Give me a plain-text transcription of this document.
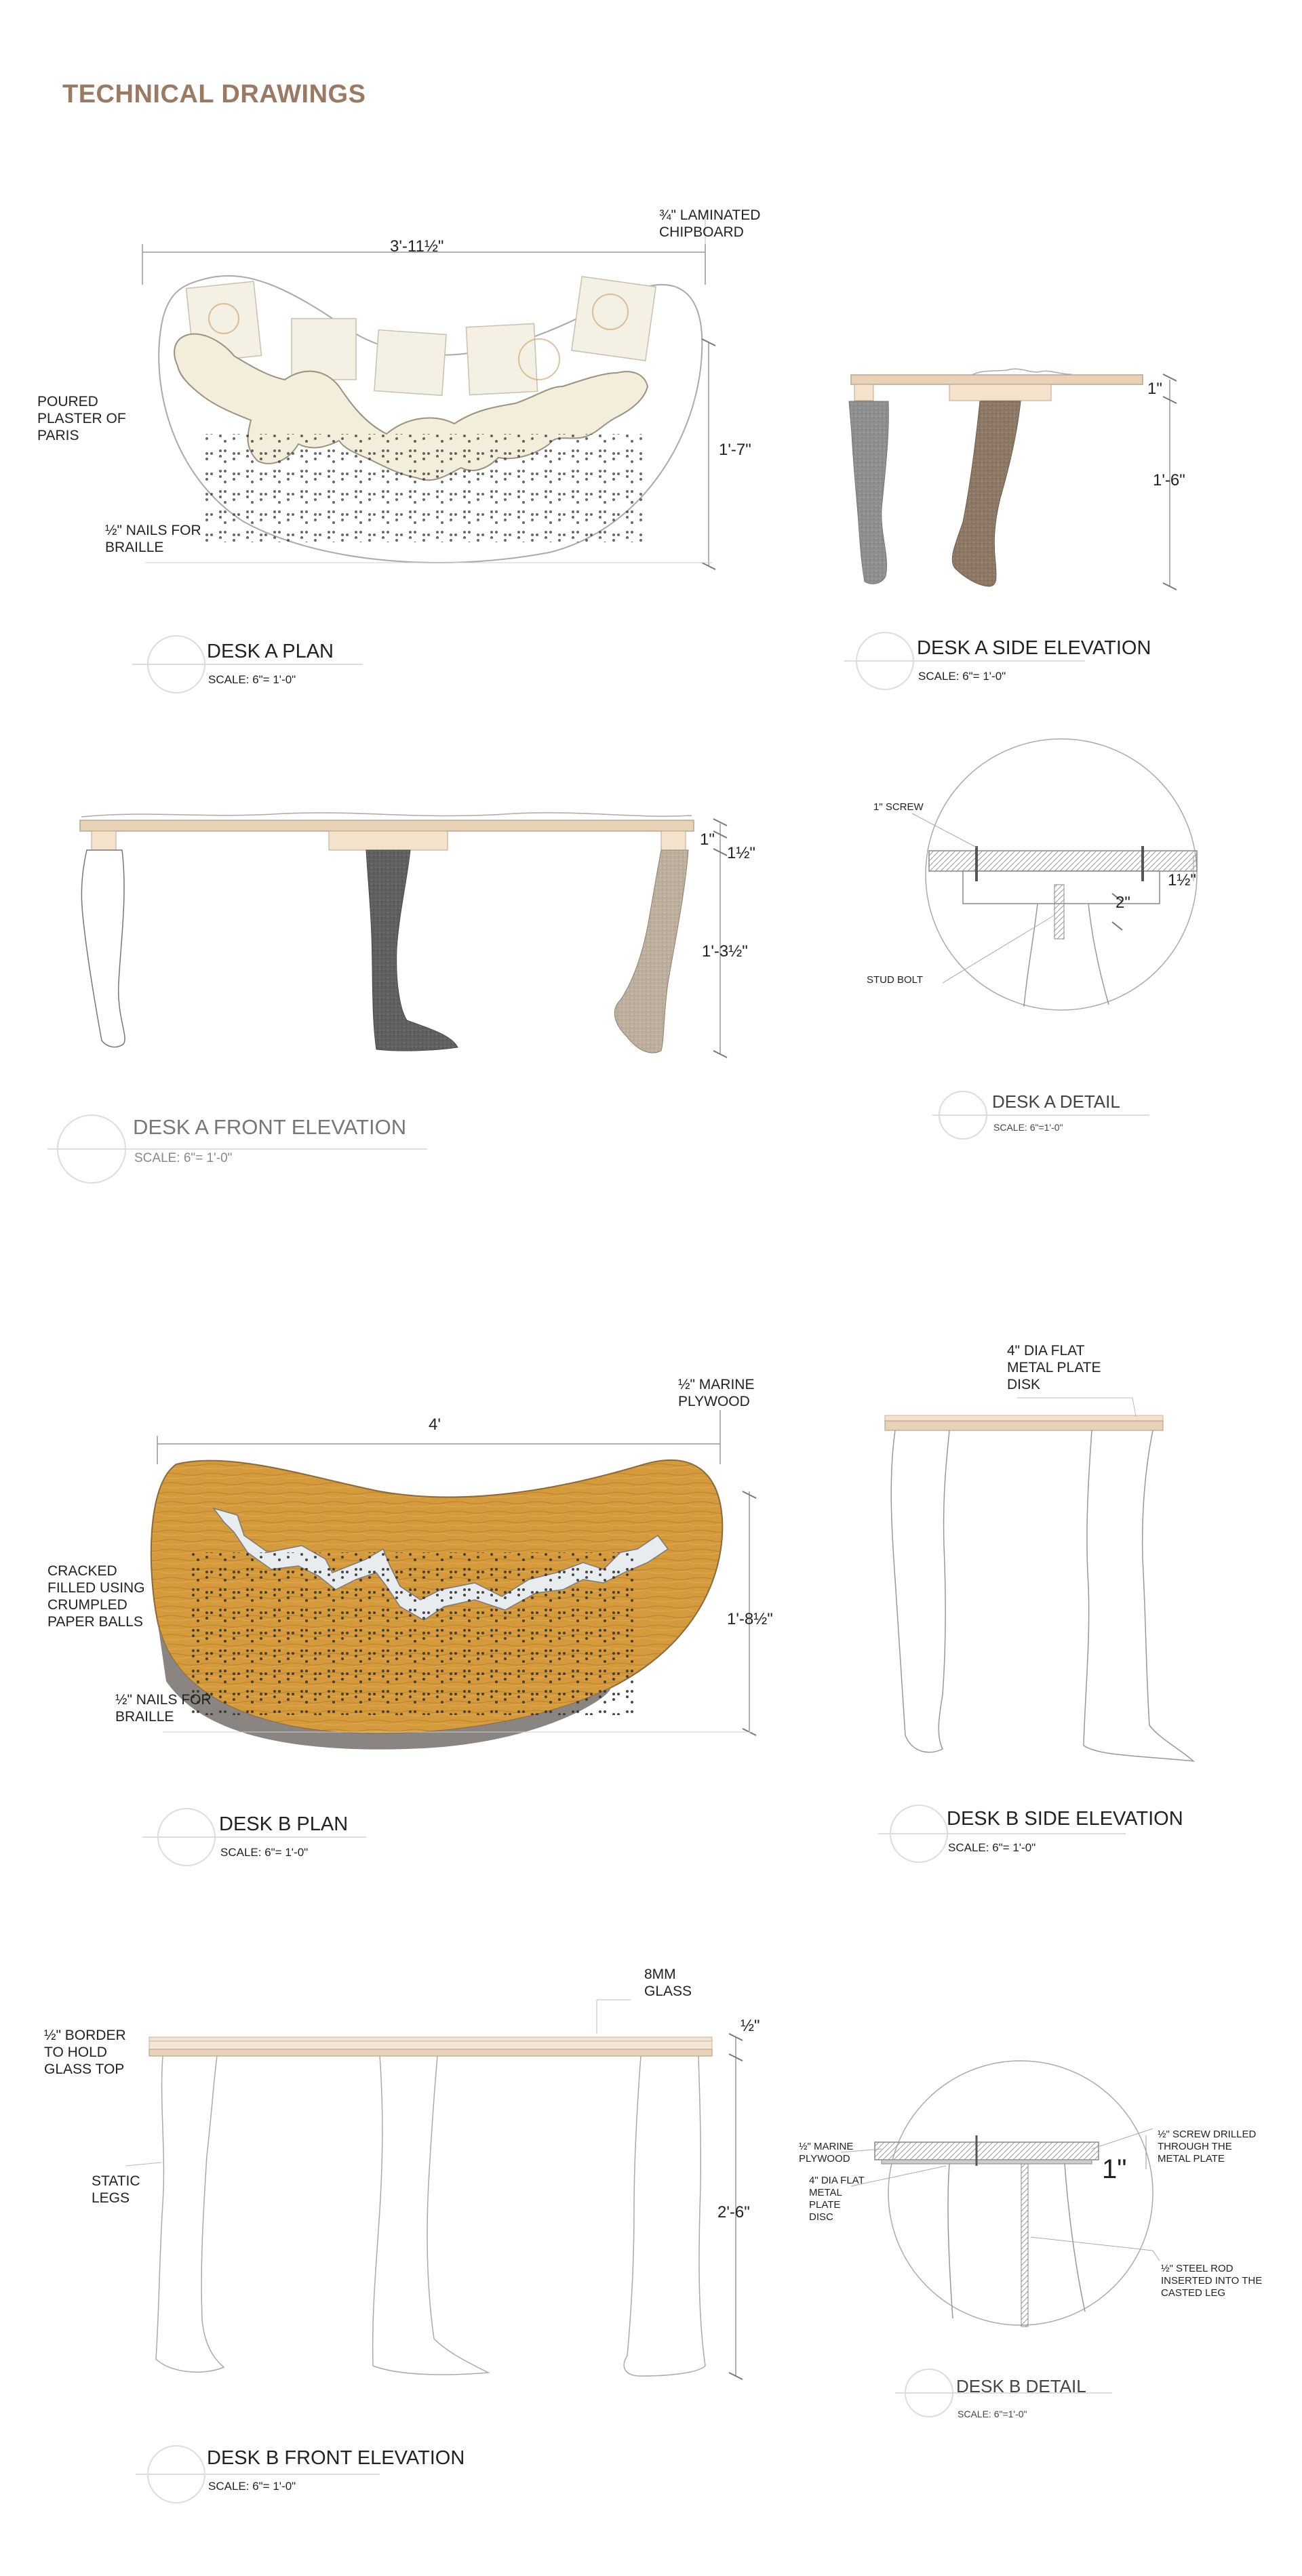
TECHNICAL DRAWINGS
3'-11½"
1'-7"
¾" LAMINATED
CHIPBOARD
POURED
PLASTER OF
PARIS
½" NAILS FOR
BRAILLE
DESK A PLAN
SCALE: 6"= 1'-0"
1"
1'-6"
DESK A SIDE ELEVATION
SCALE: 6"= 1'-0"
1"
1½"
1'-3½"
DESK A FRONT ELEVATION
SCALE: 6"= 1'-0"
1" SCREW
STUD BOLT
2"
1½"
DESK A DETAIL
SCALE: 6"=1'-0"
4'
1'-8½"
½" MARINE
PLYWOOD
CRACKED
FILLED USING
CRUMPLED
PAPER BALLS
½" NAILS FOR
BRAILLE
DESK B PLAN
SCALE: 6"= 1'-0"
4" DIA FLAT
METAL PLATE
DISK
DESK B SIDE ELEVATION
SCALE: 6"= 1'-0"
8MM
GLASS
½" BORDER
TO HOLD
GLASS TOP
STATIC
LEGS
½"
2'-6"
DESK B FRONT ELEVATION
SCALE: 6"= 1'-0"
½" MARINE
PLYWOOD
4" DIA FLAT
METAL
PLATE
DISC
½" SCREW DRILLED
THROUGH THE
METAL PLATE
½" STEEL ROD
INSERTED INTO THE
CASTED LEG
1"
DESK B DETAIL
SCALE: 6"=1'-0"
